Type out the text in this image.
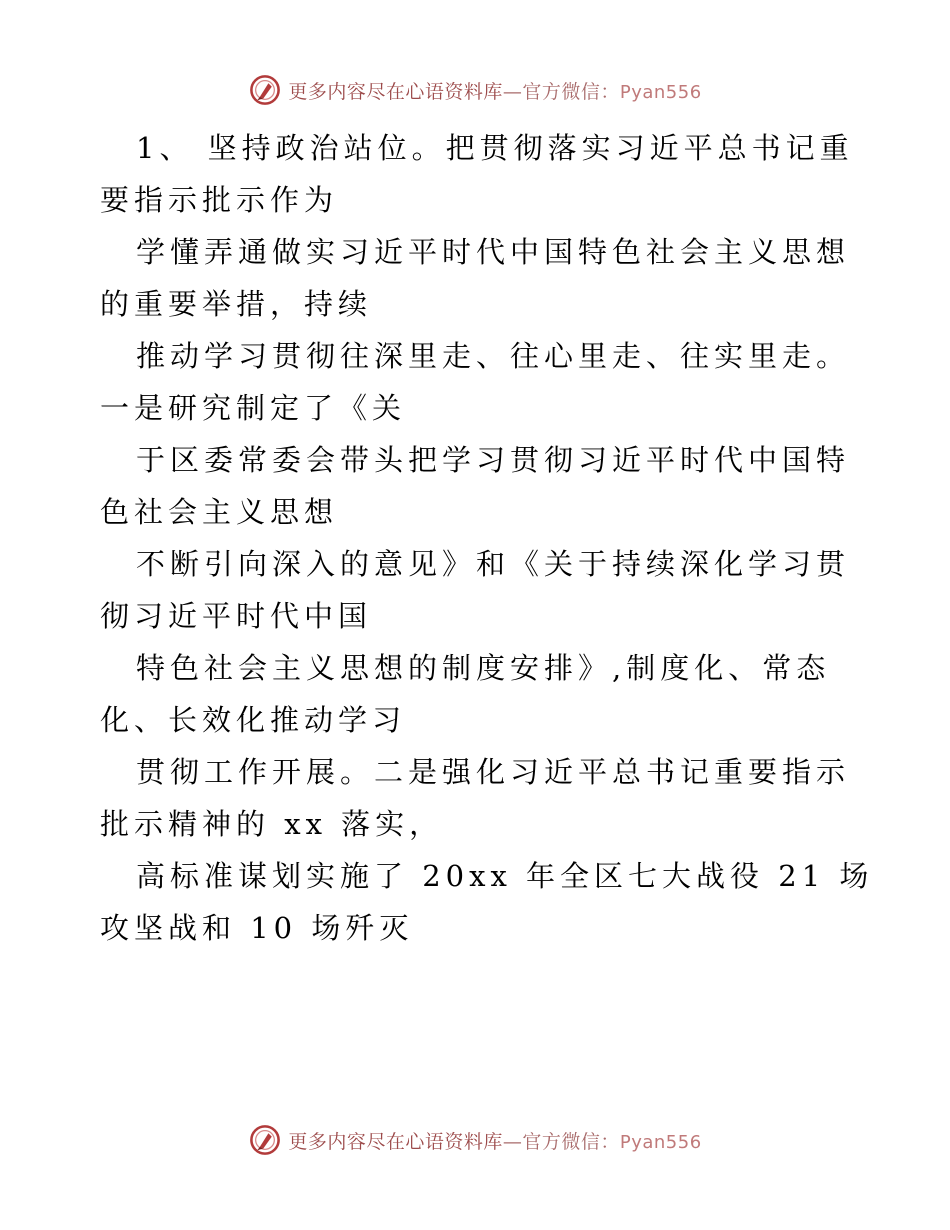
更多内容尽在心语资料库—官方微信：Pyan556
1、 坚持政治站位。把贯彻落实习近平总书记重
要指示批示作为
学懂弄通做实习近平时代中国特色社会主义思想
的重要举措，持续
推动学习贯彻往深里走、往心里走、往实里走。
一是研究制定了《关
于区委常委会带头把学习贯彻习近平时代中国特
色社会主义思想
不断引向深入的意见》和《关于持续深化学习贯
彻习近平时代中国
特色社会主义思想的制度安排》,制度化、常态
化、长效化推动学习
贯彻工作开展。二是强化习近平总书记重要指示
批示精神的 xx 落实，
高标准谋划实施了 20xx 年全区七大战役 21 场
攻坚战和 10 场歼灭
更多内容尽在心语资料库—官方微信：Pyan556
